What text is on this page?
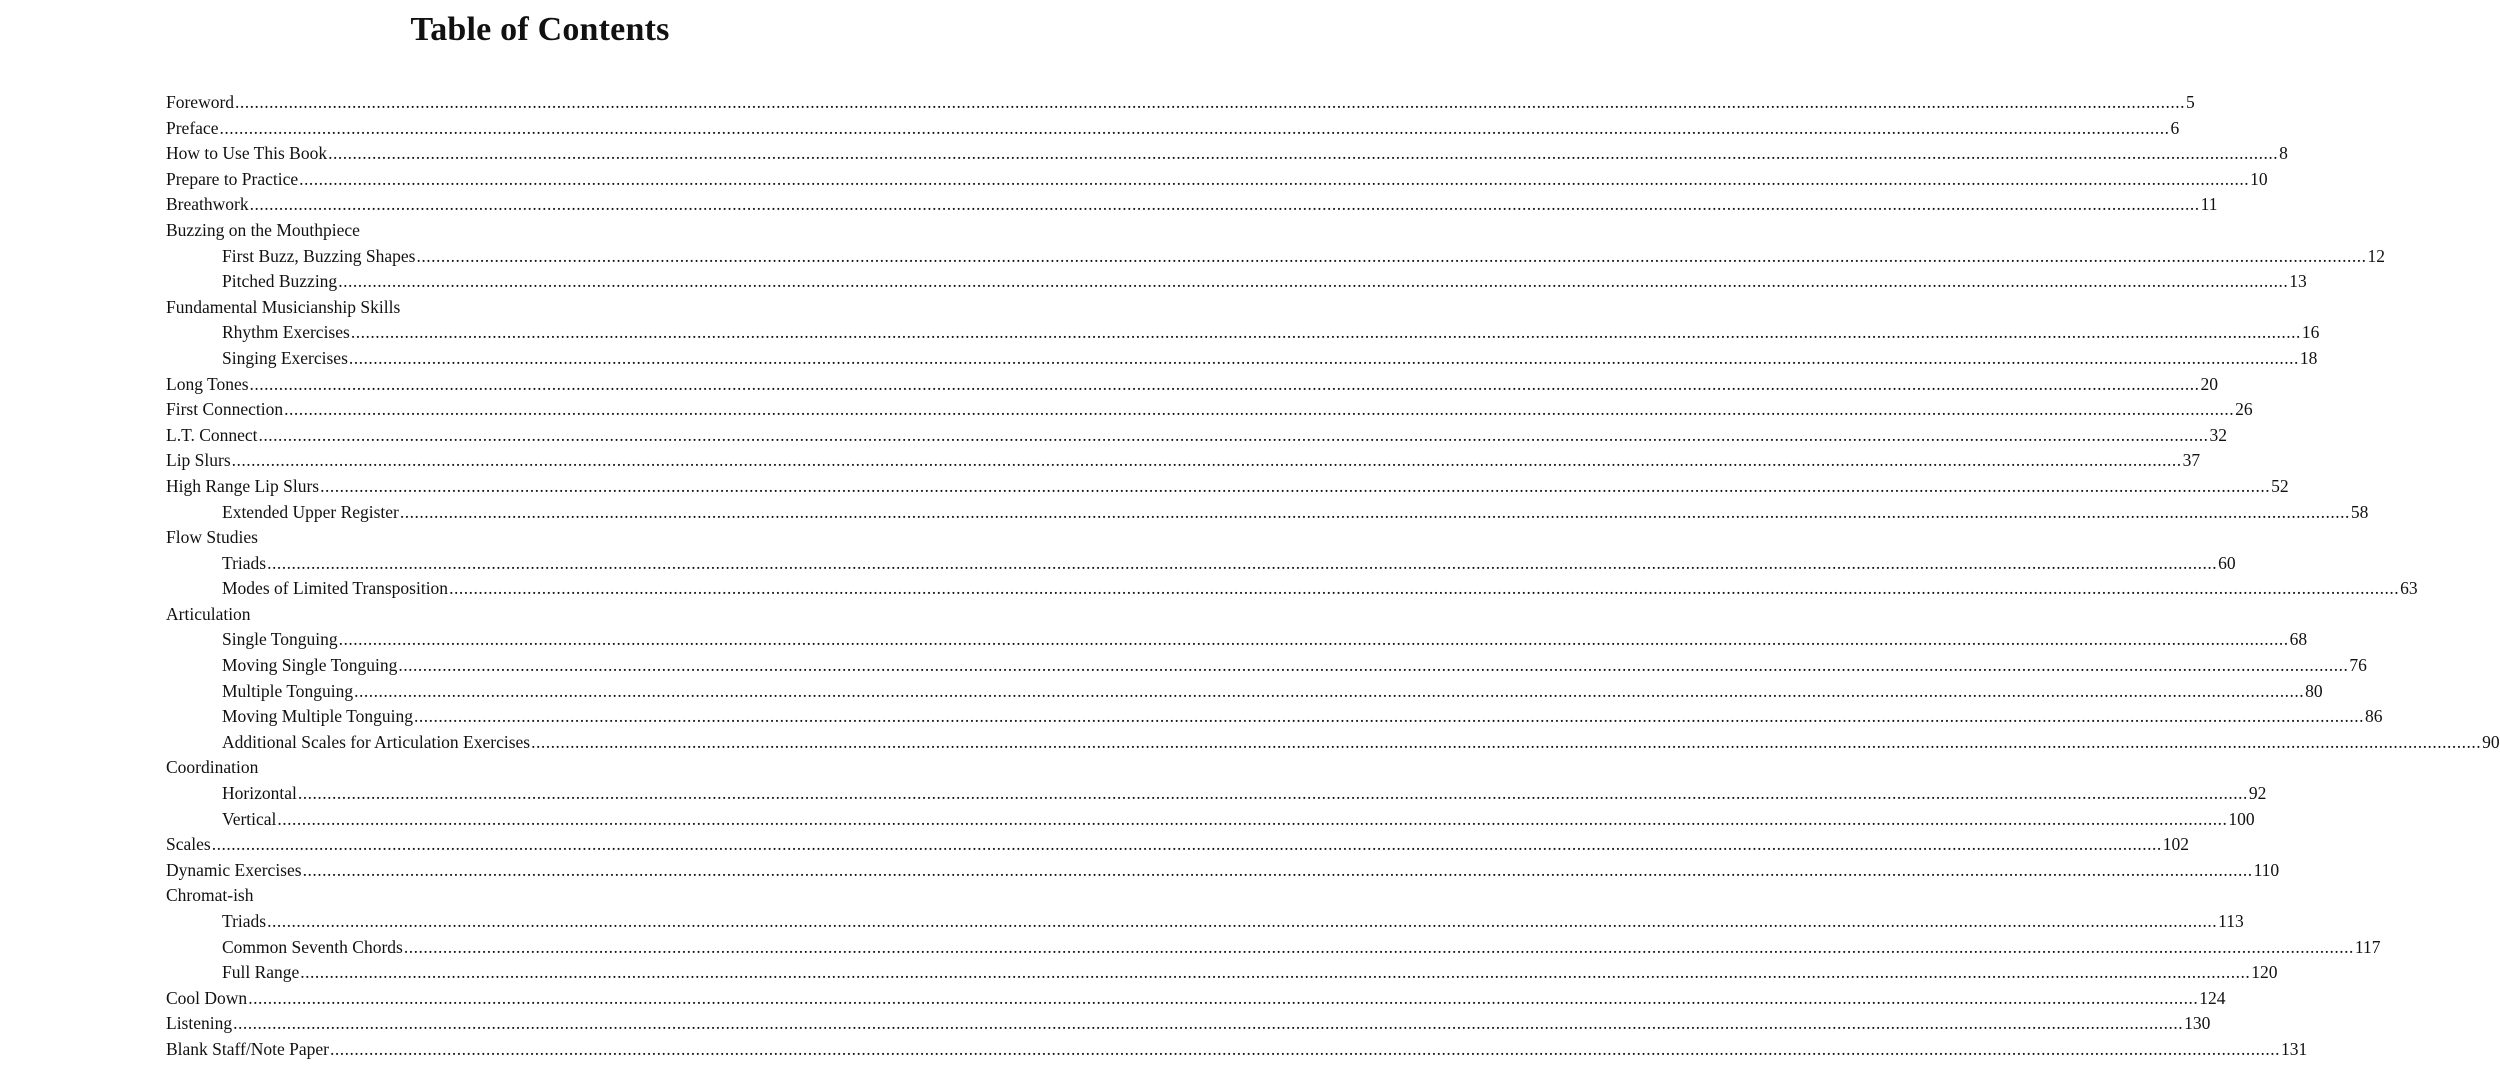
Table of Contents
Foreword ................................................................................................................................................................................................................................................................................................................................................................................................................ 5
Preface ................................................................................................................................................................................................................................................................................................................................................................................................................ 6
How to Use This Book ................................................................................................................................................................................................................................................................................................................................................................................................................ 8
Prepare to Practice ................................................................................................................................................................................................................................................................................................................................................................................................................ 10
Breathwork ................................................................................................................................................................................................................................................................................................................................................................................................................ 11
Buzzing on the Mouthpiece
First Buzz, Buzzing Shapes ................................................................................................................................................................................................................................................................................................................................................................................................................ 12
Pitched Buzzing ................................................................................................................................................................................................................................................................................................................................................................................................................ 13
Fundamental Musicianship Skills
Rhythm Exercises ................................................................................................................................................................................................................................................................................................................................................................................................................ 16
Singing Exercises ................................................................................................................................................................................................................................................................................................................................................................................................................ 18
Long Tones ................................................................................................................................................................................................................................................................................................................................................................................................................ 20
First Connection ................................................................................................................................................................................................................................................................................................................................................................................................................ 26
L.T. Connect ................................................................................................................................................................................................................................................................................................................................................................................................................ 32
Lip Slurs ................................................................................................................................................................................................................................................................................................................................................................................................................ 37
High Range Lip Slurs ................................................................................................................................................................................................................................................................................................................................................................................................................ 52
Extended Upper Register ................................................................................................................................................................................................................................................................................................................................................................................................................ 58
Flow Studies
Triads ................................................................................................................................................................................................................................................................................................................................................................................................................ 60
Modes of Limited Transposition ................................................................................................................................................................................................................................................................................................................................................................................................................ 63
Articulation
Single Tonguing ................................................................................................................................................................................................................................................................................................................................................................................................................ 68
Moving Single Tonguing ................................................................................................................................................................................................................................................................................................................................................................................................................ 76
Multiple Tonguing ................................................................................................................................................................................................................................................................................................................................................................................................................ 80
Moving Multiple Tonguing ................................................................................................................................................................................................................................................................................................................................................................................................................ 86
Additional Scales for Articulation Exercises ................................................................................................................................................................................................................................................................................................................................................................................................................ 90
Coordination
Horizontal ................................................................................................................................................................................................................................................................................................................................................................................................................ 92
Vertical ................................................................................................................................................................................................................................................................................................................................................................................................................ 100
Scales ................................................................................................................................................................................................................................................................................................................................................................................................................ 102
Dynamic Exercises ................................................................................................................................................................................................................................................................................................................................................................................................................ 110
Chromat-ish
Triads ................................................................................................................................................................................................................................................................................................................................................................................................................ 113
Common Seventh Chords ................................................................................................................................................................................................................................................................................................................................................................................................................ 117
Full Range ................................................................................................................................................................................................................................................................................................................................................................................................................ 120
Cool Down ................................................................................................................................................................................................................................................................................................................................................................................................................ 124
Listening ................................................................................................................................................................................................................................................................................................................................................................................................................ 130
Blank Staff/Note Paper ................................................................................................................................................................................................................................................................................................................................................................................................................ 131
